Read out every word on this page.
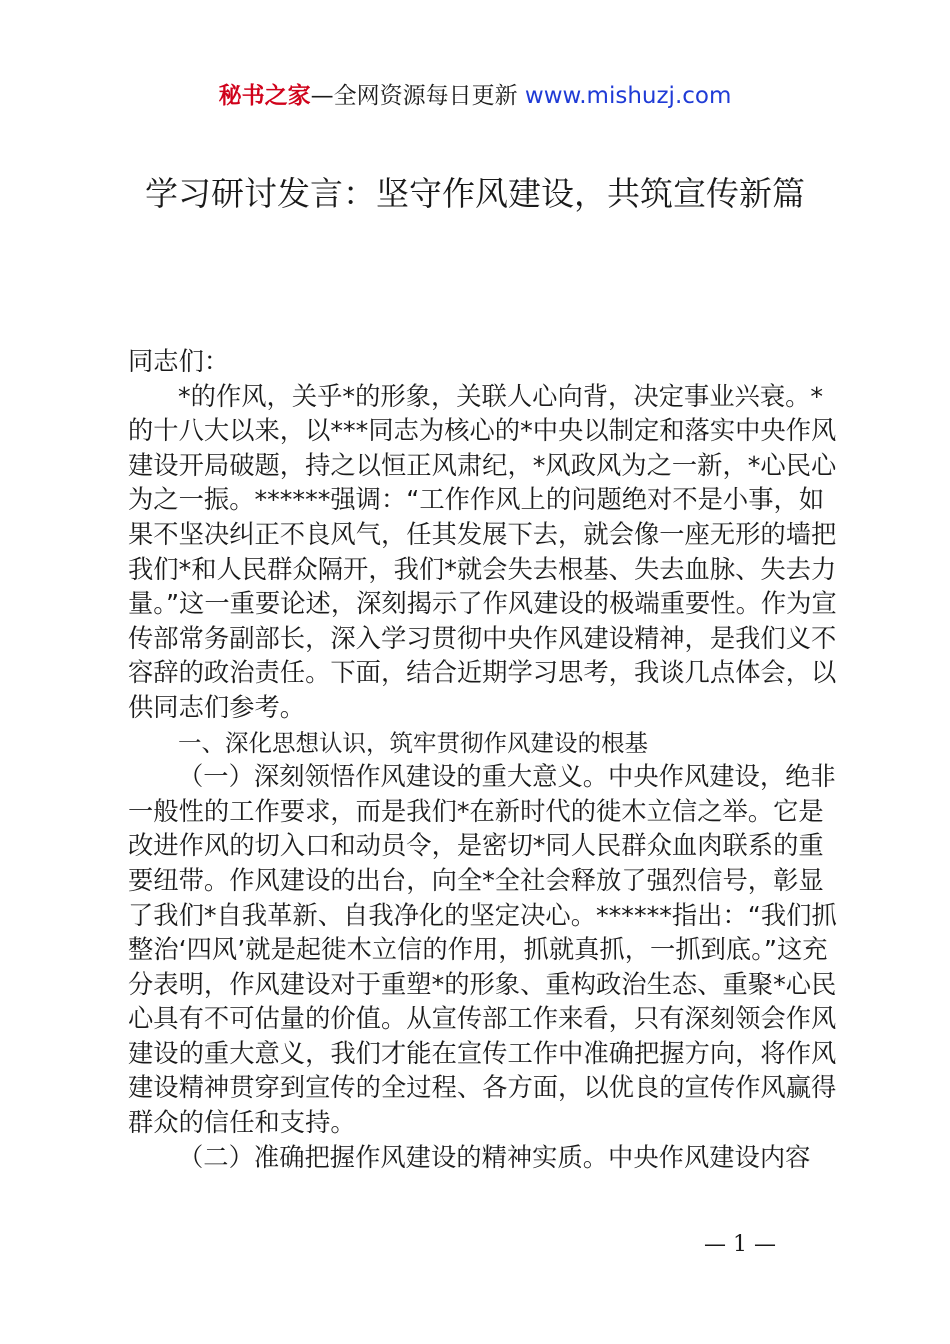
秘书之家—全网资源每日更新 www.mishuzj.com
学习研讨发言：坚守作风建设，共筑宣传新篇

同志们：

*的作风，关乎*的形象，关联人心向背，决定事业兴衰。*的十八大以来，以***同志为核心的*中央以制定和落实中央作风建设开局破题，持之以恒正风肃纪，*风政风为之一新，*心民心为之一振。******强调：“工作作风上的问题绝对不是小事，如果不坚决纠正不良风气，任其发展下去，就会像一座无形的墙把我们*和人民群众隔开，我们*就会失去根基、失去血脉、失去力量。”这一重要论述，深刻揭示了作风建设的极端重要性。作为宣传部常务副部长，深入学习贯彻中央作风建设精神，是我们义不容辞的政治责任。下面，结合近期学习思考，我谈几点体会，以供同志们参考。

一、深化思想认识，筑牢贯彻作风建设的根基

（一）深刻领悟作风建设的重大意义。中央作风建设，绝非一般性的工作要求，而是我们*在新时代的徙木立信之举。它是改进作风的切入口和动员令，是密切*同人民群众血肉联系的重要纽带。作风建设的出台，向全*全社会释放了强烈信号，彰显了我们*自我革新、自我净化的坚定决心。******指出：“我们抓整治‘四风’就是起徙木立信的作用，抓就真抓，一抓到底。”这充分表明，作风建设对于重塑*的形象、重构政治生态、重聚*心民心具有不可估量的价值。从宣传部工作来看，只有深刻领会作风建设的重大意义，我们才能在宣传工作中准确把握方向，将作风建设精神贯穿到宣传的全过程、各方面，以优良的宣传作风赢得群众的信任和支持。

（二）准确把握作风建设的精神实质。中央作风建设内容

— 1 —
